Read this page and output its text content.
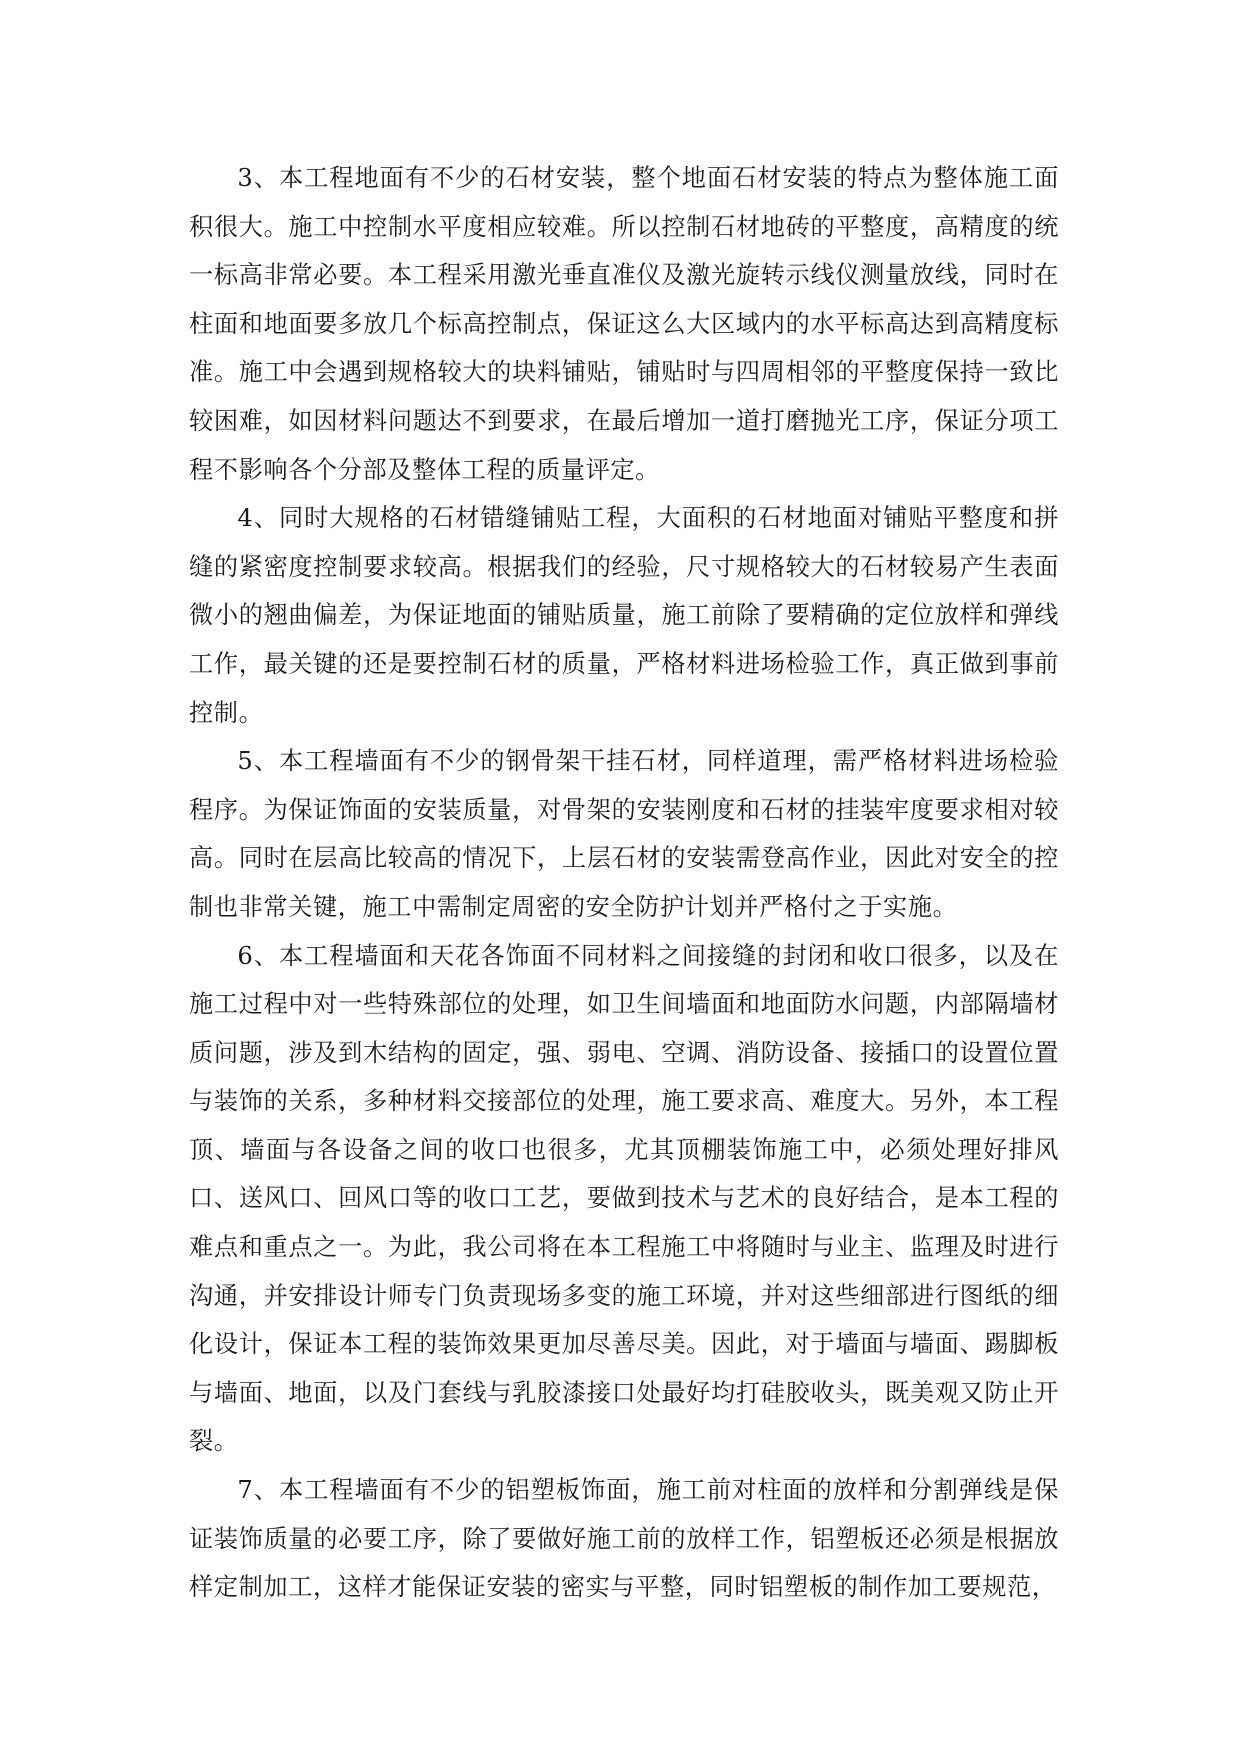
3、本工程地面有不少的石材安装，整个地面石材安装的特点为整体施工面积很大。施工中控制水平度相应较难。所以控制石材地砖的平整度，高精度的统一标高非常必要。本工程采用激光垂直准仪及激光旋转示线仪测量放线，同时在柱面和地面要多放几个标高控制点，保证这么大区域内的水平标高达到高精度标准。施工中会遇到规格较大的块料铺贴，铺贴时与四周相邻的平整度保持一致比较困难，如因材料问题达不到要求，在最后增加一道打磨抛光工序，保证分项工程不影响各个分部及整体工程的质量评定。

4、同时大规格的石材错缝铺贴工程，大面积的石材地面对铺贴平整度和拼缝的紧密度控制要求较高。根据我们的经验，尺寸规格较大的石材较易产生表面微小的翘曲偏差，为保证地面的铺贴质量，施工前除了要精确的定位放样和弹线工作，最关键的还是要控制石材的质量，严格材料进场检验工作，真正做到事前控制。

5、本工程墙面有不少的钢骨架干挂石材，同样道理，需严格材料进场检验程序。为保证饰面的安装质量，对骨架的安装刚度和石材的挂装牢度要求相对较高。同时在层高比较高的情况下，上层石材的安装需登高作业，因此对安全的控制也非常关键，施工中需制定周密的安全防护计划并严格付之于实施。

6、本工程墙面和天花各饰面不同材料之间接缝的封闭和收口很多，以及在施工过程中对一些特殊部位的处理，如卫生间墙面和地面防水问题，内部隔墙材质问题，涉及到木结构的固定，强、弱电、空调、消防设备、接插口的设置位置与装饰的关系，多种材料交接部位的处理，施工要求高、难度大。另外，本工程顶、墙面与各设备之间的收口也很多，尤其顶棚装饰施工中，必须处理好排风口、送风口、回风口等的收口工艺，要做到技术与艺术的良好结合，是本工程的难点和重点之一。为此，我公司将在本工程施工中将随时与业主、监理及时进行沟通，并安排设计师专门负责现场多变的施工环境，并对这些细部进行图纸的细化设计，保证本工程的装饰效果更加尽善尽美。因此，对于墙面与墙面、踢脚板与墙面、地面，以及门套线与乳胶漆接口处最好均打硅胶收头，既美观又防止开裂。

7、本工程墙面有不少的铝塑板饰面，施工前对柱面的放样和分割弹线是保证装饰质量的必要工序，除了要做好施工前的放样工作，铝塑板还必须是根据放样定制加工，这样才能保证安装的密实与平整，同时铝塑板的制作加工要规范，
